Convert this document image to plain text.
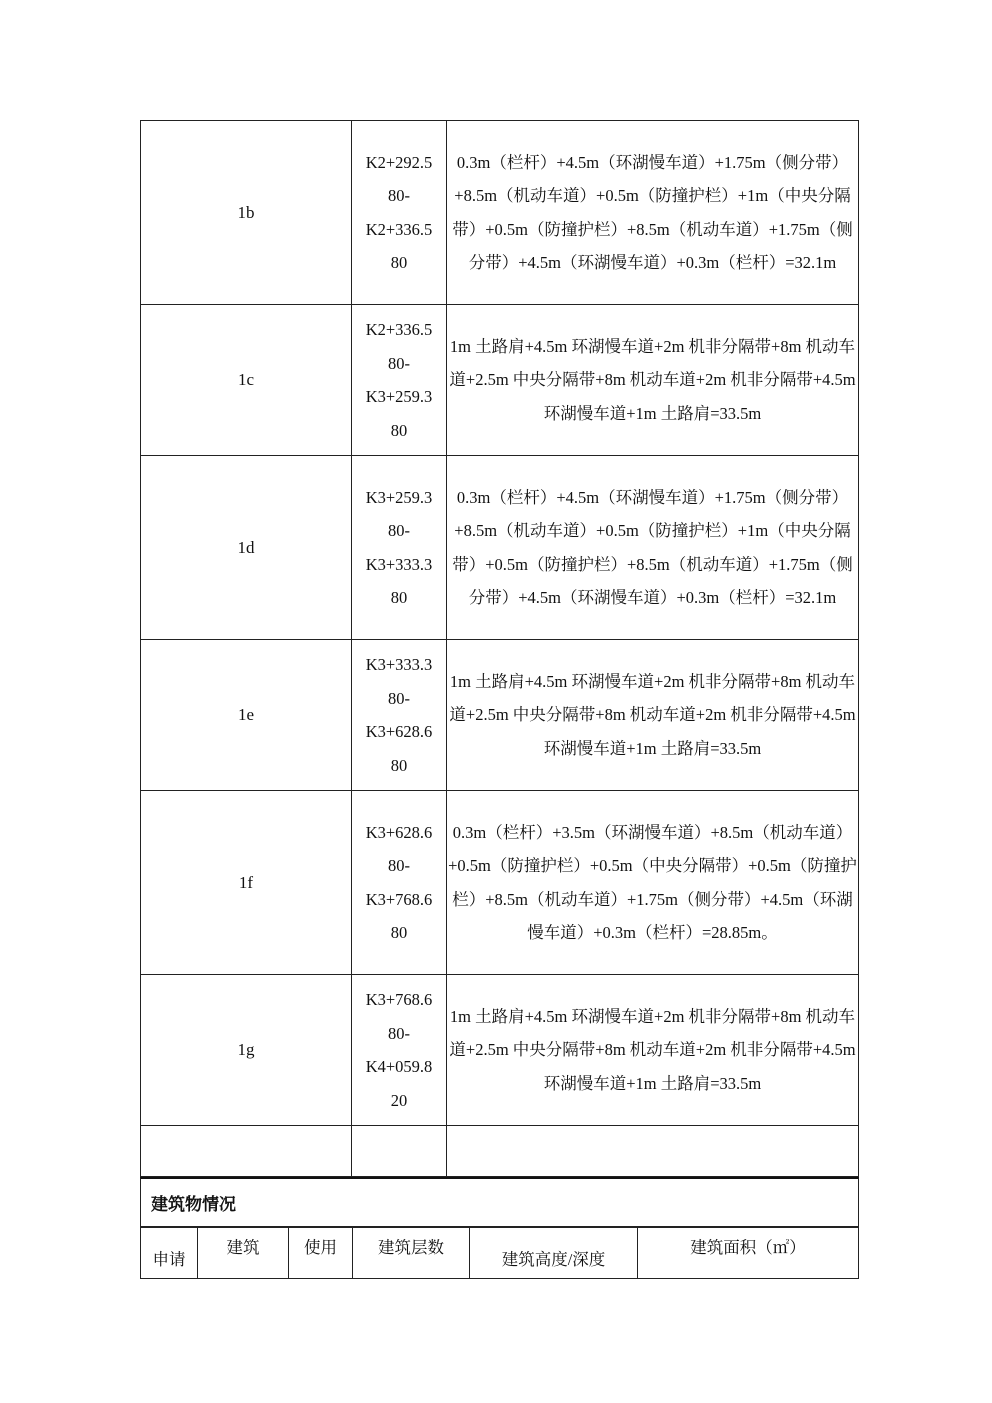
1b	K2+292.5
80-
K2+336.5
80	0.3m（栏杆）+4.5m（环湖慢车道）+1.75m（侧分带）+8.5m（机动车道）+0.5m（防撞护栏）+1m（中央分隔带）+0.5m（防撞护栏）+8.5m（机动车道）+1.75m（侧分带）+4.5m（环湖慢车道）+0.3m（栏杆）=32.1m
1c	K2+336.5
80-
K3+259.3
80	1m 土路肩+4.5m 环湖慢车道+2m 机非分隔带+8m 机动车道+2.5m 中央分隔带+8m 机动车道+2m 机非分隔带+4.5m 环湖慢车道+1m 土路肩=33.5m
1d	K3+259.3
80-
K3+333.3
80	0.3m（栏杆）+4.5m（环湖慢车道）+1.75m（侧分带）+8.5m（机动车道）+0.5m（防撞护栏）+1m（中央分隔带）+0.5m（防撞护栏）+8.5m（机动车道）+1.75m（侧分带）+4.5m（环湖慢车道）+0.3m（栏杆）=32.1m
1e	K3+333.3
80-
K3+628.6
80	1m 土路肩+4.5m 环湖慢车道+2m 机非分隔带+8m 机动车道+2.5m 中央分隔带+8m 机动车道+2m 机非分隔带+4.5m 环湖慢车道+1m 土路肩=33.5m
1f	K3+628.6
80-
K3+768.6
80	0.3m（栏杆）+3.5m（环湖慢车道）+8.5m（机动车道）+0.5m（防撞护栏）+0.5m（中央分隔带）+0.5m（防撞护栏）+8.5m（机动车道）+1.75m（侧分带）+4.5m（环湖慢车道）+0.3m（栏杆）=28.85m。
1g	K3+768.6
80-
K4+059.8
20	1m 土路肩+4.5m 环湖慢车道+2m 机非分隔带+8m 机动车道+2.5m 中央分隔带+8m 机动车道+2m 机非分隔带+4.5m 环湖慢车道+1m 土路肩=33.5m

建筑物情况
申请	建筑	使用	建筑层数	建筑高度/深度	建筑面积（㎡）
